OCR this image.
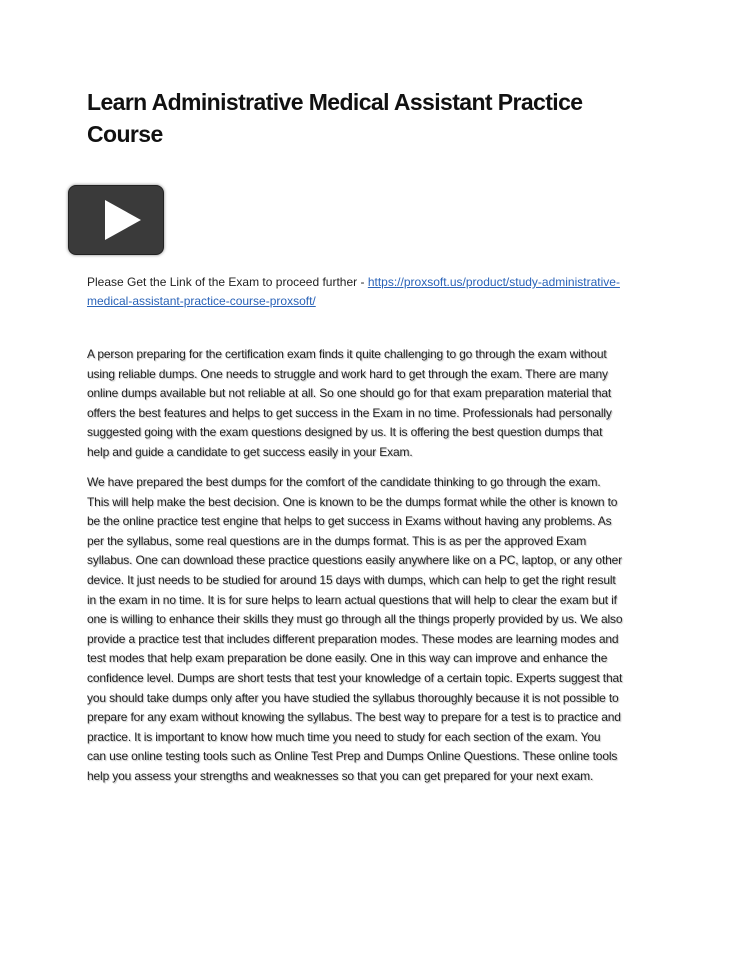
Learn Administrative Medical Assistant Practice
Course
Please Get the Link of the Exam to proceed further - https://proxsoft.us/product/study-administrative-
medical-assistant-practice-course-proxsoft/
A person preparing for the certification exam finds it quite challenging to go through the exam without
using reliable dumps. One needs to struggle and work hard to get through the exam. There are many
online dumps available but not reliable at all. So one should go for that exam preparation material that
offers the best features and helps to get success in the Exam in no time. Professionals had personally
suggested going with the exam questions designed by us. It is offering the best question dumps that
help and guide a candidate to get success easily in your Exam.
We have prepared the best dumps for the comfort of the candidate thinking to go through the exam.
This will help make the best decision. One is known to be the dumps format while the other is known to
be the online practice test engine that helps to get success in Exams without having any problems. As
per the syllabus, some real questions are in the dumps format. This is as per the approved Exam
syllabus. One can download these practice questions easily anywhere like on a PC, laptop, or any other
device. It just needs to be studied for around 15 days with dumps, which can help to get the right result
in the exam in no time. It is for sure helps to learn actual questions that will help to clear the exam but if
one is willing to enhance their skills they must go through all the things properly provided by us. We also
provide a practice test that includes different preparation modes. These modes are learning modes and
test modes that help exam preparation be done easily. One in this way can improve and enhance the
confidence level. Dumps are short tests that test your knowledge of a certain topic. Experts suggest that
you should take dumps only after you have studied the syllabus thoroughly because it is not possible to
prepare for any exam without knowing the syllabus. The best way to prepare for a test is to practice and
practice. It is important to know how much time you need to study for each section of the exam. You
can use online testing tools such as Online Test Prep and Dumps Online Questions. These online tools
help you assess your strengths and weaknesses so that you can get prepared for your next exam.
